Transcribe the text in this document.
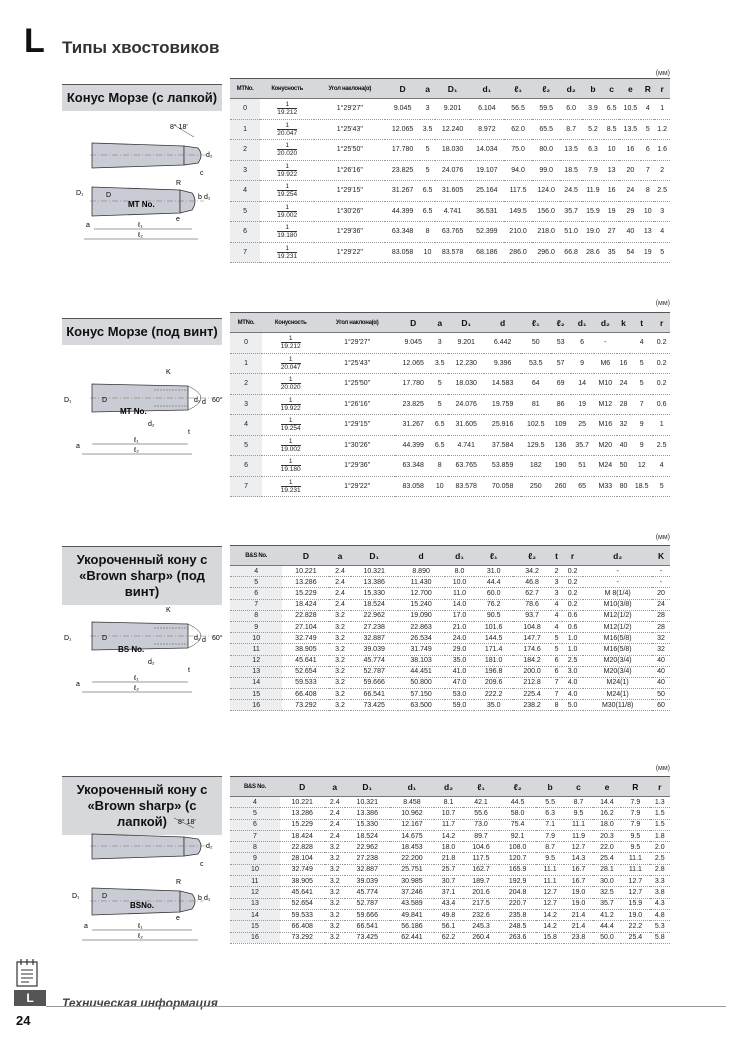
L Типы хвостовиков
Конус Морзе (с лапкой)
8° 18'
d₂
c
R
D₁	D
MT No.
b d₁
e
a	ℓ₁
ℓ₂
(мм)
MTNo.	Конусность	Угол наклона(α)	D	a	D₁	d₁	ℓ₁	ℓ₂	d₂	b	c	e	R	r
0	$\frac{1}{19.212}$	1°29'27"	9.045	3	9.201	6.104	56.5	59.5	6.0	3.9	6.5	10.5	4	1
1	$\frac{1}{20.047}$	1°25'43"	12.065	3.5	12.240	8.972	62.0	65.5	8.7	5.2	8.5	13.5	5	1.2
2	$\frac{1}{20.020}$	1°25'50"	17.780	5	18.030	14.034	75.0	80.0	13.5	6.3	10	16	6	1.6
3	$\frac{1}{19.922}$	1°26'16"	23.825	5	24.076	19.107	94.0	99.0	18.5	7.9	13	20	7	2
4	$\frac{1}{19.254}$	1°29'15"	31.267	6.5	31.605	25.164	117.5	124.0	24.5	11.9	16	24	8	2.5
5	$\frac{1}{19.002}$	1°30'26"	44.399	6.5	4.741	36.531	149.5	156.0	35.7	15.9	19	29	10	3
6	$\frac{1}{19.180}$	1°29'36"	63.348	8	63.765	52.399	210.0	218.0	51.0	19.0	27	40	13	4
7	$\frac{1}{19.231}$	1°29'22"	83.058	10	83.578	68.186	286.0	296.0	66.8	28.6	35	54	19	5
Конус Морзе (под винт)
K
D₁	D
MT No.
d₁ d 60°
d₂
t
a
ℓ₁
ℓ₂
(мм)
MTNo.	Конусность	Угол наклона(α)	D	a	D₁	d	ℓ₁	ℓ₂	d₁	d₂	k	t	r
0	$\frac{1}{19.212}$	1°29'27"	9.045	3	9.201	6.442	50	53	6	-		4	0.2
1	$\frac{1}{20.047}$	1°25'43"	12.065	3.5	12.230	9.396	53.5	57	9	M6	16	5	0.2
2	$\frac{1}{20.020}$	1°25'50"	17.780	5	18.030	14.583	64	69	14	M10	24	5	0.2
3	$\frac{1}{19.922}$	1°26'16"	23.825	5	24.076	19.759	81	86	19	M12	28	7	0.6
4	$\frac{1}{19.254}$	1°29'15"	31.267	6.5	31.605	25.916	102.5	109	25	M16	32	9	1
5	$\frac{1}{19.002}$	1°30'26"	44.399	6.5	4.741	37.584	129.5	136	35.7	M20	40	9	2.5
6	$\frac{1}{19.180}$	1°29'36"	63.348	8	63.765	53.859	182	190	51	M24	50	12	4
7	$\frac{1}{19.231}$	1°29'22"	83.058	10	83.578	70.058	250	260	65	M33	80	18.5	5
Укороченный кону с «Brown sharp» (под винт)
K
D₁	D
BS No.
d₁ d 60°
d₂
t
a
ℓ₁
ℓ₂
(мм)
B&S No.	D	a	D₁	d	d₁	ℓ₁	ℓ₂	t	r	d₂	K
4	10.221	2.4	10.321	8.890	8.0	31.0	34.2	2	0.2	-	-
5	13.286	2.4	13.386	11.430	10.0	44.4	46.8	3	0.2	-	-
6	15.229	2.4	15.330	12.700	11.0	60.0	62.7	3	0.2	M 8(1/4)	20
7	18.424	2.4	18.524	15.240	14.0	76.2	78.6	4	0.2	M10(3/8)	24
8	22.828	3.2	22.962	19.090	17.0	90.5	93.7	4	0.6	M12(1/2)	28
9	27.104	3.2	27.238	22.863	21.0	101.6	104.8	4	0.6	M12(1/2)	28
10	32.749	3.2	32.887	26.534	24.0	144.5	147.7	5	1.0	M16(5/8)	32
11	38.905	3.2	39.039	31.749	29.0	171.4	174.6	5	1.0	M16(5/8)	32
12	45.641	3.2	45.774	38.103	35.0	181.0	184.2	6	2.5	M20(3/4)	40
13	52.654	3.2	52.787	44.451	41.0	196.8	200.0	6	3.0	M20(3/4)	40
14	59.533	3.2	59.666	50.800	47.0	209.6	212.8	7	4.0	M24(1)	40
15	66.408	3.2	66.541	57.150	53.0	222.2	225.4	7	4.0	M24(1)	50
16	73.292	3.2	73.425	63.500	59.0	35.0	238.2	8	5.0	M30(11/8)	60
Укороченный кону с «Brown sharp» (с лапкой)	8° 18'
d₂
c
R
D₁	D
BSNo.
b d₁
e
a	ℓ₁
ℓ₂
(мм)
B&S No.	D	a	D₁	d₁	d₂	ℓ₁	ℓ₂	b	c	e	R	r
4	10.221	2.4	10.321	8.458	8.1	42.1	44.5	5.5	8.7	14.4	7.9	1.3
5	13.286	2.4	13.386	10.962	10.7	55.6	58.0	6.3	9.5	16.2	7.9	1.5
6	15.229	2.4	15.330	12.167	11.7	73.0	75.4	7.1	11.1	18.0	7.9	1.5
7	18.424	2.4	18.524	14.675	14.2	89.7	92.1	7.9	11.9	20.3	9.5	1.8
8	22.828	3.2	22.962	18.453	18.0	104.6	108.0	8.7	12.7	22.0	9.5	2.0
9	28.104	3.2	27.238	22.200	21.8	117.5	120.7	9.5	14.3	25.4	11.1	2.5
10	32.749	3.2	32.887	25.751	25.7	162.7	165.9	11.1	16.7	28.1	11.1	2.8
11	38.905	3.2	39.039	30.985	30.7	189.7	192.9	11.1	16.7	30.0	12.7	3.3
12	45.641	3.2	45.774	37.246	37.1	201.6	204.8	12.7	19.0	32.5	12.7	3.8
13	52.654	3.2	52.787	43.589	43.4	217.5	220.7	12.7	19.0	35.7	15.9	4.3
14	59.533	3.2	59.666	49.841	49.8	232.6	235.8	14.2	21.4	41.2	19.0	4.8
15	66.408	3.2	66.541	56.186	56.1	245.3	248.5	14.2	21.4	44.4	22.2	5.3
16	73.292	3.2	73.425	62.441	62.2	260.4	263.6	15.8	23.8	50.0	25.4	5.8
L	Техническая информация
24
